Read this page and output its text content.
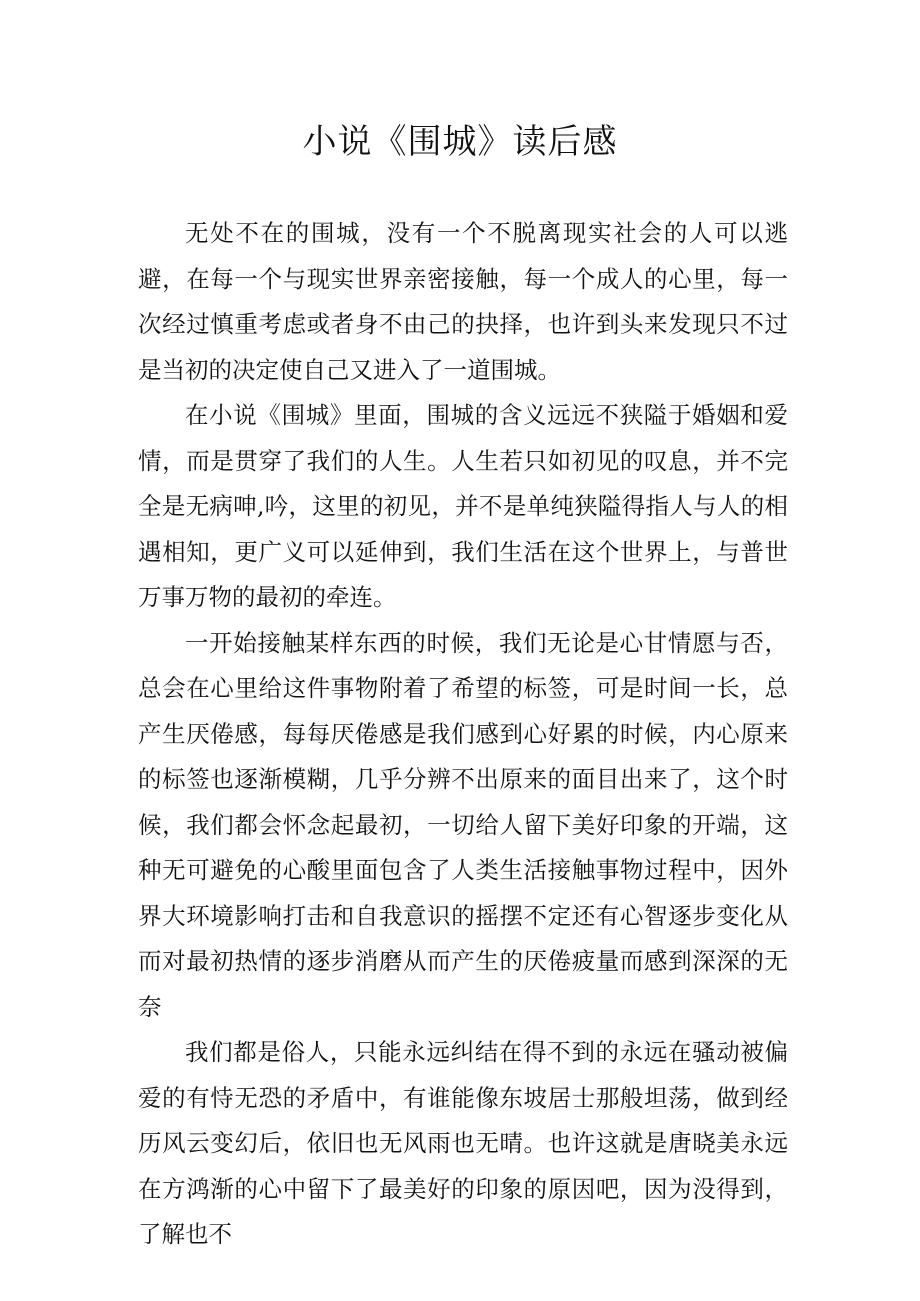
小说《围城》读后感

无处不在的围城，没有一个不脱离现实社会的人可以逃避，在每一个与现实世界亲密接触，每一个成人的心里，每一次经过慎重考虑或者身不由己的抉择，也许到头来发现只不过是当初的决定使自己又进入了一道围城。

在小说《围城》里面，围城的含义远远不狭隘于婚姻和爱情，而是贯穿了我们的人生。人生若只如初见的叹息，并不完全是无病呻,吟，这里的初见，并不是单纯狭隘得指人与人的相遇相知，更广义可以延伸到，我们生活在这个世界上，与普世万事万物的最初的牵连。

一开始接触某样东西的时候，我们无论是心甘情愿与否，总会在心里给这件事物附着了希望的标签，可是时间一长，总产生厌倦感，每每厌倦感是我们感到心好累的时候，内心原来的标签也逐渐模糊，几乎分辨不出原来的面目出来了，这个时候，我们都会怀念起最初，一切给人留下美好印象的开端，这种无可避免的心酸里面包含了人类生活接触事物过程中，因外界大环境影响打击和自我意识的摇摆不定还有心智逐步变化从而对最初热情的逐步消磨从而产生的厌倦疲量而感到深深的无奈

我们都是俗人，只能永远纠结在得不到的永远在骚动被偏爱的有恃无恐的矛盾中，有谁能像东坡居士那般坦荡，做到经历风云变幻后，依旧也无风雨也无晴。也许这就是唐晓美永远在方鸿渐的心中留下了最美好的印象的原因吧，因为没得到，了解也不
